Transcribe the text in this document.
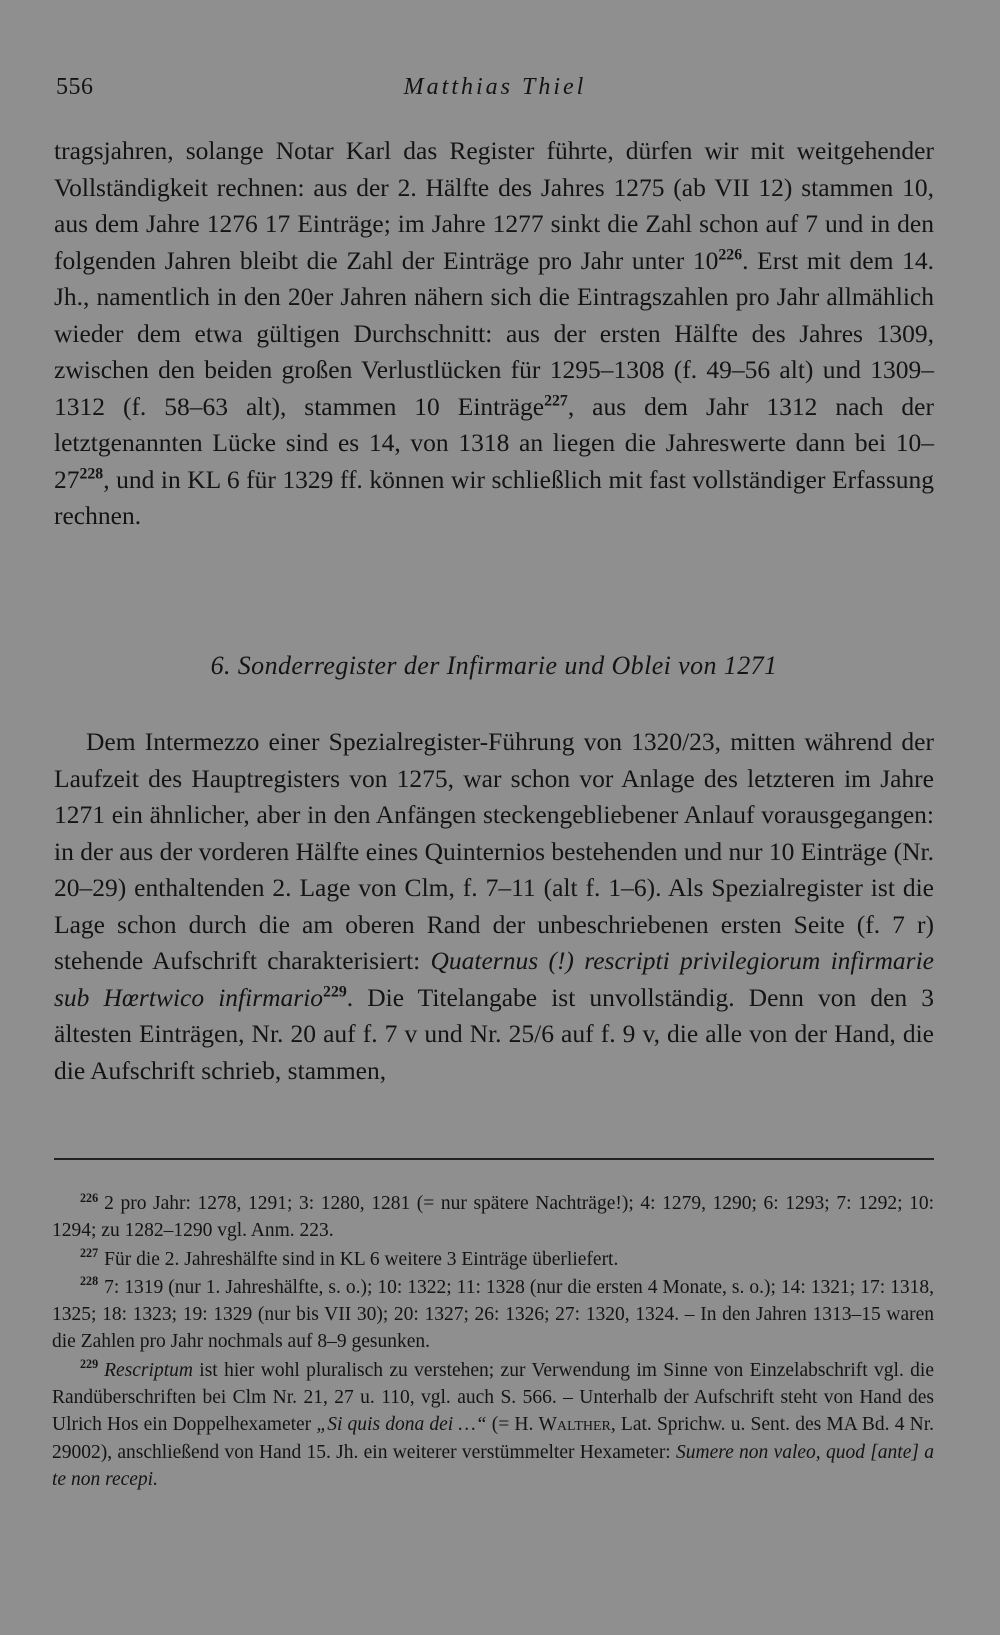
556	Matthias Thiel

tragsjahren, solange Notar Karl das Register führte, dürfen wir mit weitgehender Vollständigkeit rechnen: aus der 2. Hälfte des Jahres 1275 (ab VII 12) stammen 10, aus dem Jahre 1276 17 Einträge; im Jahre 1277 sinkt die Zahl schon auf 7 und in den folgenden Jahren bleibt die Zahl der Einträge pro Jahr unter $10^{226}$. Erst mit dem 14. Jh., namentlich in den 20er Jahren nähern sich die Eintragszahlen pro Jahr allmählich wieder dem etwa gültigen Durchschnitt: aus der ersten Hälfte des Jahres 1309, zwischen den beiden großen Verlustlücken für 1295–1308 (f. 49–56 alt) und 1309–1312 (f. 58–63 alt), stammen 10 Einträge$^{227}$, aus dem Jahr 1312 nach der letztgenannten Lücke sind es 14, von 1318 an liegen die Jahreswerte dann bei $10-27^{228}$, und in KL 6 für 1329 ff. können wir schließlich mit fast vollständiger Erfassung rechnen.

6. Sonderregister der Infirmarie und Oblei von 1271

Dem Intermezzo einer Spezialregister-Führung von 1320/23, mitten während der Laufzeit des Hauptregisters von 1275, war schon vor Anlage des letzteren im Jahre 1271 ein ähnlicher, aber in den Anfängen steckengebliebener Anlauf vorausgegangen: in der aus der vorderen Hälfte eines Quinternios bestehenden und nur 10 Einträge (Nr. 20–29) enthaltenden 2. Lage von Clm, f. 7–11 (alt f. 1–6). Als Spezialregister ist die Lage schon durch die am oberen Rand der unbeschriebenen ersten Seite (f. 7 r) stehende Aufschrift charakterisiert: Quaternus (!) rescripti privilegiorum infirmarie sub Hœrtwico infirmario$^{229}$. Die Titelangabe ist unvollständig. Denn von den 3 ältesten Einträgen, Nr. 20 auf f. 7 v und Nr. 25/6 auf f. 9 v, die alle von der Hand, die die Aufschrift schrieb, stammen,

$^{226}$ 2 pro Jahr: 1278, 1291; 3: 1280, 1281 (= nur spätere Nachträge!); 4: 1279, 1290; 6: 1293; 7: 1292; 10: 1294; zu 1282–1290 vgl. Anm. 223.

$^{227}$ Für die 2. Jahreshälfte sind in KL 6 weitere 3 Einträge überliefert.

$^{228}$ 7: 1319 (nur 1. Jahreshälfte, s. o.); 10: 1322; 11: 1328 (nur die ersten 4 Monate, s. o.); 14: 1321; 17: 1318, 1325; 18: 1323; 19: 1329 (nur bis VII 30); 20: 1327; 26: 1326; 27: 1320, 1324. – In den Jahren 1313–15 waren die Zahlen pro Jahr nochmals auf 8–9 gesunken.

$^{229}$ Rescriptum ist hier wohl pluralisch zu verstehen; zur Verwendung im Sinne von Einzelabschrift vgl. die Randüberschriften bei Clm Nr. 21, 27 u. 110, vgl. auch S. 566. – Unterhalb der Aufschrift steht von Hand des Ulrich Hos ein Doppelhexameter „Si quis dona dei …“ (= H. Walther, Lat. Sprichw. u. Sent. des MA Bd. 4 Nr. 29002), anschließend von Hand 15. Jh. ein weiterer verstümmelter Hexameter: Sumere non valeo, quod [ante] a te non recepi.
